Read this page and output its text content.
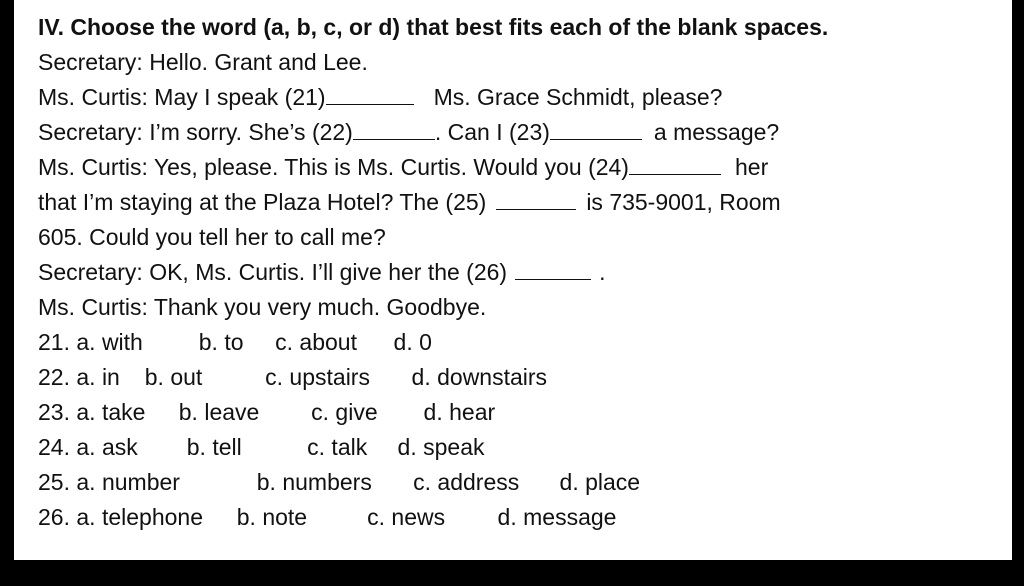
IV. Choose the word (a, b, c, or d) that best fits each of the blank spaces.
Secretary: Hello. Grant and Lee.
Ms. Curtis: May I speak (21)	Ms. Grace Schmidt, please?
Secretary: I’m sorry. She’s (22)	. Can I (23)	a message?
Ms. Curtis: Yes, please. This is Ms. Curtis. Would you (24)	her
that I’m staying at the Plaza Hotel? The (25)	is 735-9001, Room
605. Could you tell her to call me?
Secretary: OK, Ms. Curtis. I’ll give her the (26)	.
Ms. Curtis: Thank you very much. Goodbye.
21. a. with b. to c. about d. 0
22. a. in b. out	c. upstairs d. downstairs
23. a. take b. leave c. give d. hear
24. a. ask b. tell	c. talk d. speak
25. a. number	b. numbers c. address d. place
26. a. telephone b. note	c. news d. message
